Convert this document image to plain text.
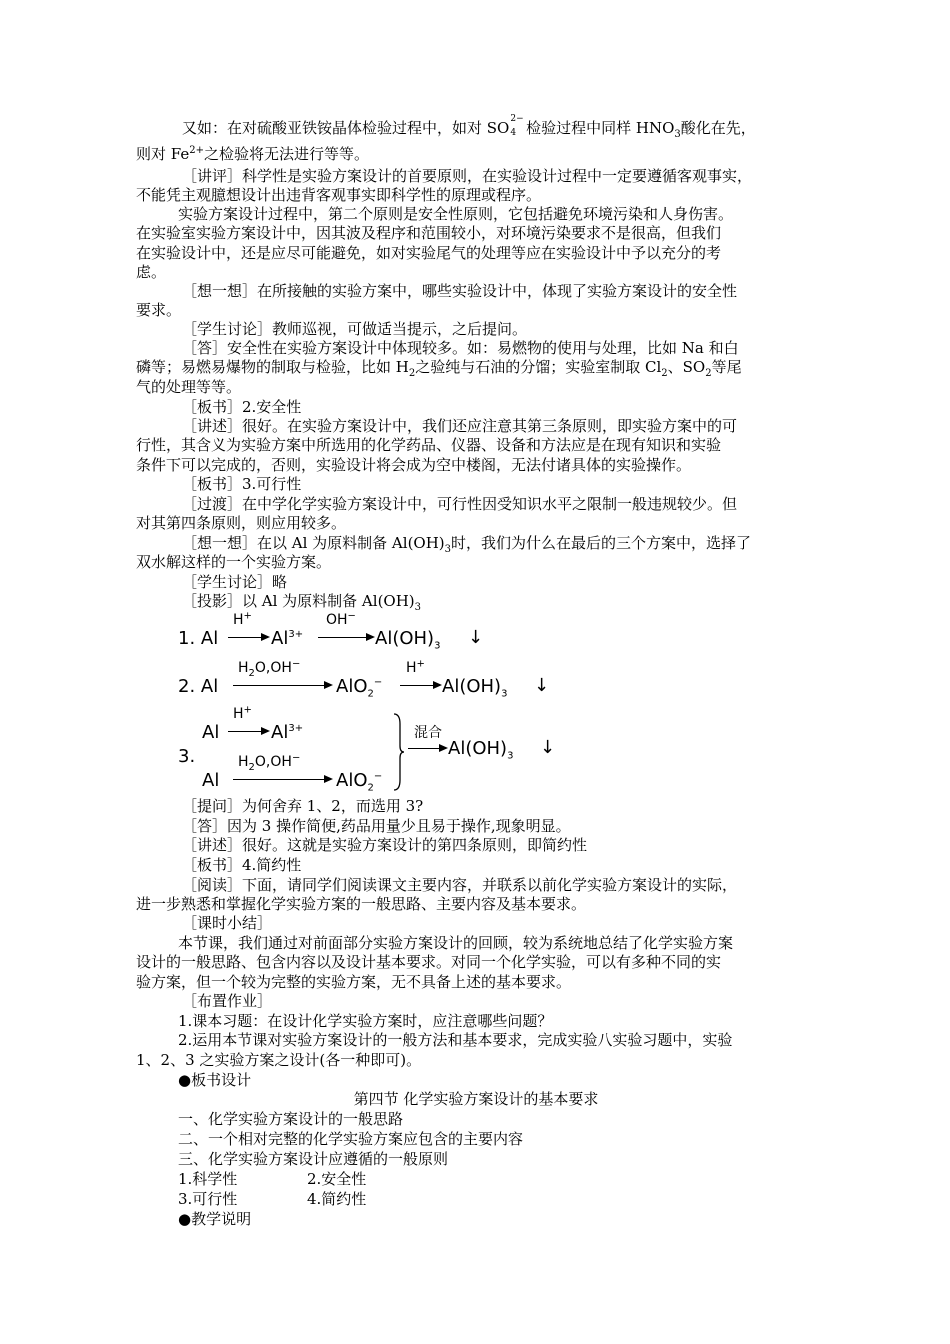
又如：在对硫酸亚铁铵晶体检验过程中，如对 SO 2−
4 检验过程中同样 $HNO_3$酸化在先，
则对 $Fe^{2+}$之检验将无法进行等等。
［讲评］科学性是实验方案设计的首要原则，在实验设计过程中一定要遵循客观事实，
不能凭主观臆想设计出违背客观事实即科学性的原理或程序。
实验方案设计过程中，第二个原则是安全性原则，它包括避免环境污染和人身伤害。
在实验室实验方案设计中，因其波及程序和范围较小，对环境污染要求不是很高，但我们
在实验设计中，还是应尽可能避免，如对实验尾气的处理等应在实验设计中予以充分的考
虑。
［想一想］在所接触的实验方案中，哪些实验设计中，体现了实验方案设计的安全性
要求。
［学生讨论］教师巡视，可做适当提示，之后提问。
［答］安全性在实验方案设计中体现较多。如：易燃物的使用与处理，比如 Na 和白
磷等；易燃易爆物的制取与检验，比如 $H_2$之验纯与石油的分馏；实验室制取 $Cl_2$、$SO_2$等尾
气的处理等等。
［板书］2.安全性
［讲述］很好。在实验方案设计中，我们还应注意其第三条原则，即实验方案中的可
行性，其含义为实验方案中所选用的化学药品、仪器、设备和方法应是在现有知识和实验
条件下可以完成的，否则，实验设计将会成为空中楼阁，无法付诸具体的实验操作。
［板书］3.可行性
［过渡］在中学化学实验方案设计中，可行性因受知识水平之限制一般违规较少。但
对其第四条原则，则应用较多。
［想一想］在以 Al 为原料制备 $Al(OH)_3$时，我们为什么在最后的三个方案中，选择了
双水解这样的一个实验方案。
［学生讨论］略
［投影］以 Al 为原料制备 $Al(OH)_3$
1. Al
H+
→ $Al^{3+}$
OH−
→ $Al(OH)_3$ ↓
2. Al
$H_2O,OH^-$
AlO$_2$−
H+
→ $Al(OH)_3$ ↓
3.
Al
H+
→ $Al^{3+}$
Al
$H_2O,OH^-$
AlO$_2$−
混合
→ $Al(OH)_3$ ↓
［提问］为何舍弃 1、2，而选用 3?
［答］因为 3 操作简便,药品用量少且易于操作,现象明显。
［讲述］很好。这就是实验方案设计的第四条原则，即简约性
［板书］4.简约性
［阅读］下面，请同学们阅读课文主要内容，并联系以前化学实验方案设计的实际，
进一步熟悉和掌握化学实验方案的一般思路、主要内容及基本要求。
［课时小结］
本节课，我们通过对前面部分实验方案设计的回顾，较为系统地总结了化学实验方案
设计的一般思路、包含内容以及设计基本要求。对同一个化学实验，可以有多种不同的实
验方案，但一个较为完整的实验方案，无不具备上述的基本要求。
［布置作业］
1.课本习题：在设计化学实验方案时，应注意哪些问题？
2.运用本节课对实验方案设计的一般方法和基本要求，完成实验八实验习题中，实验
1、2、3 之实验方案之设计(各一种即可)。
●板书设计
第四节 化学实验方案设计的基本要求
一、化学实验方案设计的一般思路
二、一个相对完整的化学实验方案应包含的主要内容
三、化学实验方案设计应遵循的一般原则
1.科学性	2.安全性
3.可行性	4.简约性
●教学说明
